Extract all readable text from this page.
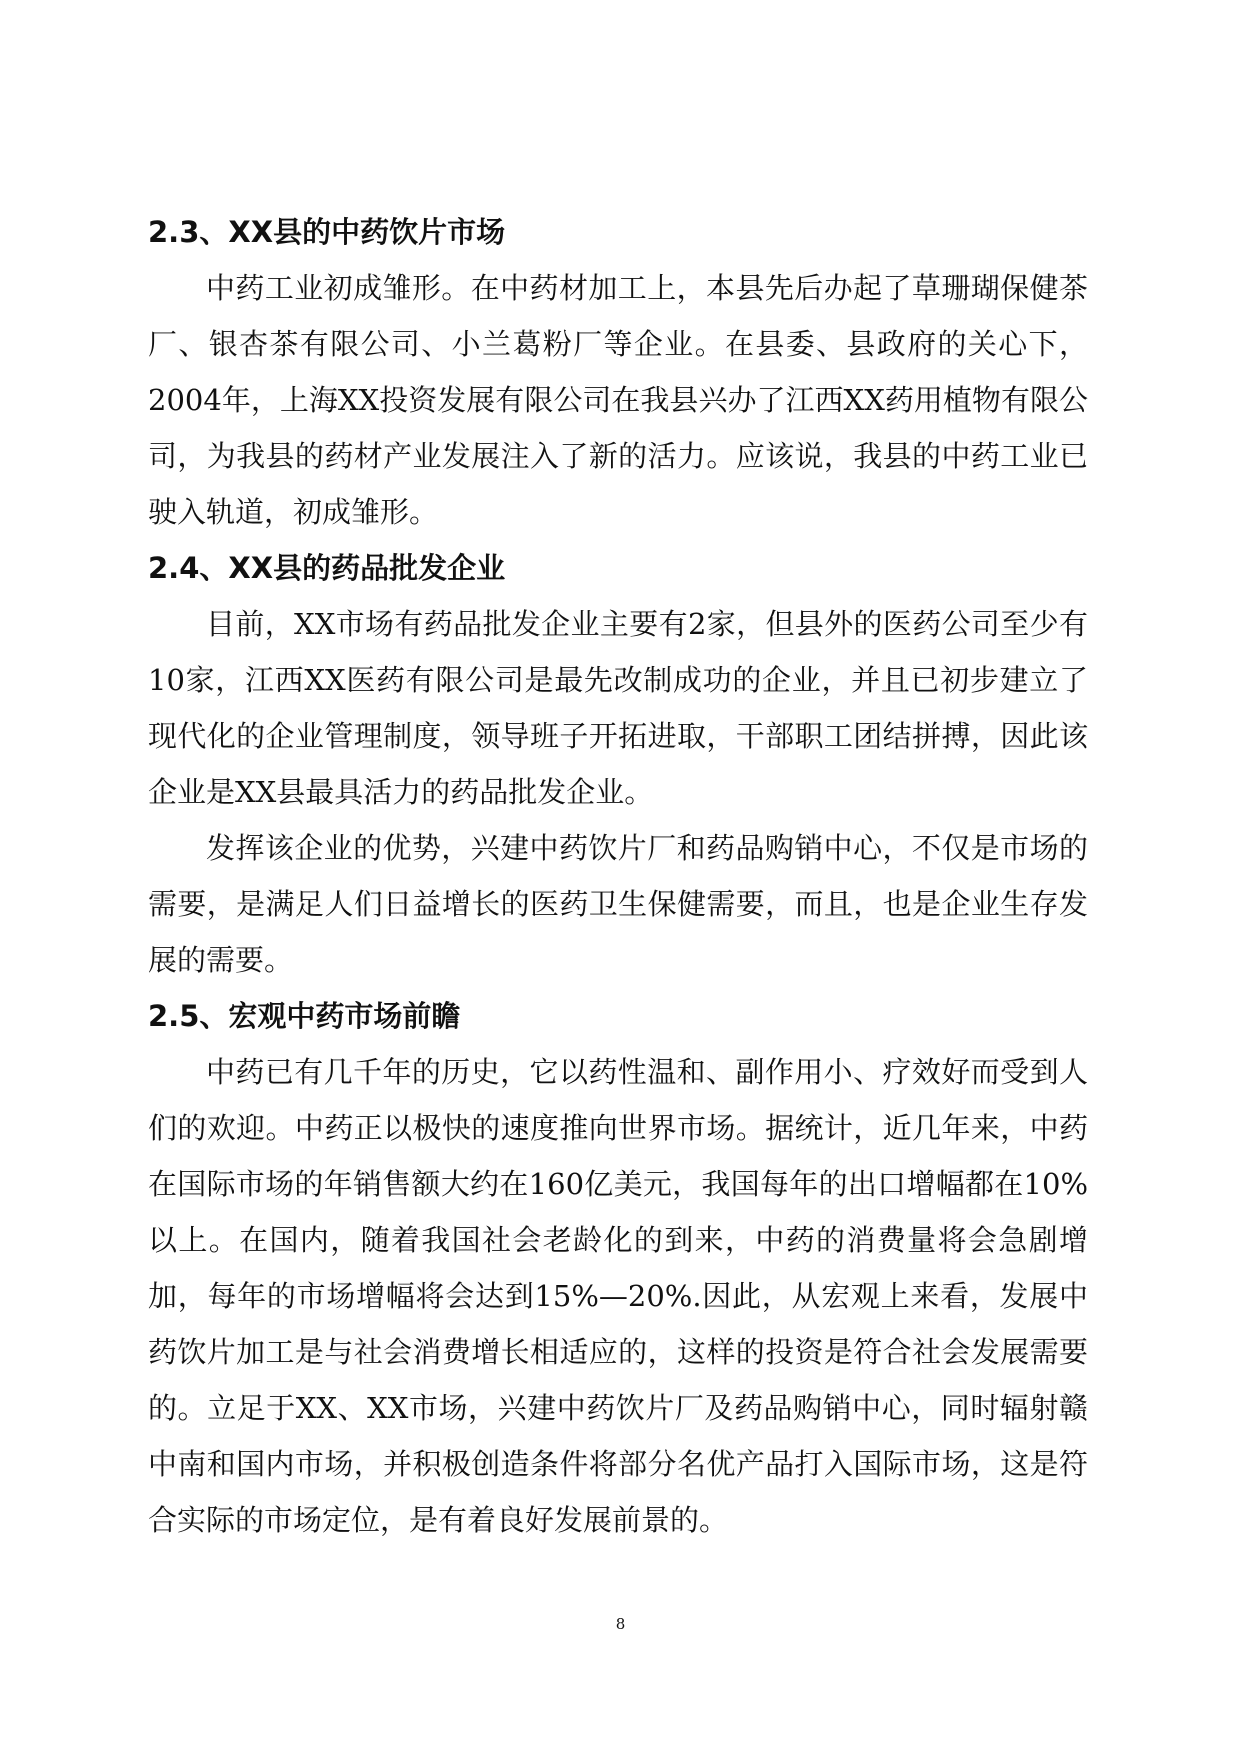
2.3、XX县的中药饮片市场

中药工业初成雏形。在中药材加工上，本县先后办起了草珊瑚保健茶厂、银杏茶有限公司、小兰葛粉厂等企业。在县委、县政府的关心下，2004年，上海XX投资发展有限公司在我县兴办了江西XX药用植物有限公司，为我县的药材产业发展注入了新的活力。应该说，我县的中药工业已驶入轨道，初成雏形。

2.4、XX县的药品批发企业

目前，XX市场有药品批发企业主要有2家，但县外的医药公司至少有10家，江西XX医药有限公司是最先改制成功的企业，并且已初步建立了现代化的企业管理制度，领导班子开拓进取，干部职工团结拼搏，因此该企业是XX县最具活力的药品批发企业。

发挥该企业的优势，兴建中药饮片厂和药品购销中心，不仅是市场的需要，是满足人们日益增长的医药卫生保健需要，而且，也是企业生存发展的需要。

2.5、宏观中药市场前瞻

中药已有几千年的历史，它以药性温和、副作用小、疗效好而受到人们的欢迎。中药正以极快的速度推向世界市场。据统计，近几年来，中药在国际市场的年销售额大约在160亿美元，我国每年的出口增幅都在10%以上。在国内，随着我国社会老龄化的到来，中药的消费量将会急剧增加，每年的市场增幅将会达到15%—20%.因此，从宏观上来看，发展中药饮片加工是与社会消费增长相适应的，这样的投资是符合社会发展需要的。立足于XX、XX市场，兴建中药饮片厂及药品购销中心，同时辐射赣中南和国内市场，并积极创造条件将部分名优产品打入国际市场，这是符合实际的市场定位，是有着良好发展前景的。

8
